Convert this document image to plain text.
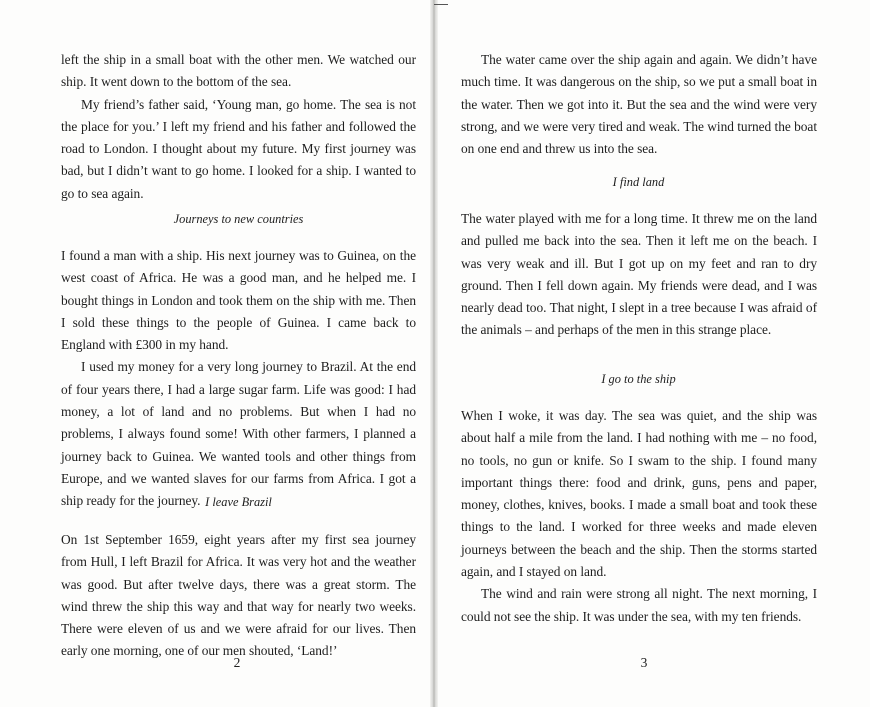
left the ship in a small boat with the other men. We watched our ship. It went down to the bottom of the sea.

My friend’s father said, ‘Young man, go home. The sea is not the place for you.’ I left my friend and his father and followed the road to London. I thought about my future. My first journey was bad, but I didn’t want to go home. I looked for a ship. I wanted to go to sea again.

Journeys to new countries

I found a man with a ship. His next journey was to Guinea, on the west coast of Africa. He was a good man, and he helped me. I bought things in London and took them on the ship with me. Then I sold these things to the people of Guinea. I came back to England with £300 in my hand.

I used my money for a very long journey to Brazil. At the end of four years there, I had a large sugar farm. Life was good: I had money, a lot of land and no problems. But when I had no problems, I always found some! With other farmers, I planned a journey back to Guinea. We wanted tools and other things from Europe, and we wanted slaves for our farms from Africa. I got a ship ready for the journey. I leave Brazil

On 1st September 1659, eight years after my first sea journey from Hull, I left Brazil for Africa. It was very hot and the weather was good. But after twelve days, there was a great storm. The wind threw the ship this way and that way for nearly two weeks. There were eleven of us and we were afraid for our lives. Then early one morning, one of our men shouted, ‘Land!’

2

The water came over the ship again and again. We didn’t have much time. It was dangerous on the ship, so we put a small boat in the water. Then we got into it. But the sea and the wind were very strong, and we were very tired and weak. The wind turned the boat on one end and threw us into the sea.

I find land

The water played with me for a long time. It threw me on the land and pulled me back into the sea. Then it left me on the beach. I was very weak and ill. But I got up on my feet and ran to dry ground. Then I fell down again. My friends were dead, and I was nearly dead too. That night, I slept in a tree because I was afraid of the animals – and perhaps of the men in this strange place.

I go to the ship

When I woke, it was day. The sea was quiet, and the ship was about half a mile from the land. I had nothing with me – no food, no tools, no gun or knife. So I swam to the ship. I found many important things there: food and drink, guns, pens and paper, money, clothes, knives, books. I made a small boat and took these things to the land. I worked for three weeks and made eleven journeys between the beach and the ship. Then the storms started again, and I stayed on land.

The wind and rain were strong all night. The next morning, I could not see the ship. It was under the sea, with my ten friends.

3
